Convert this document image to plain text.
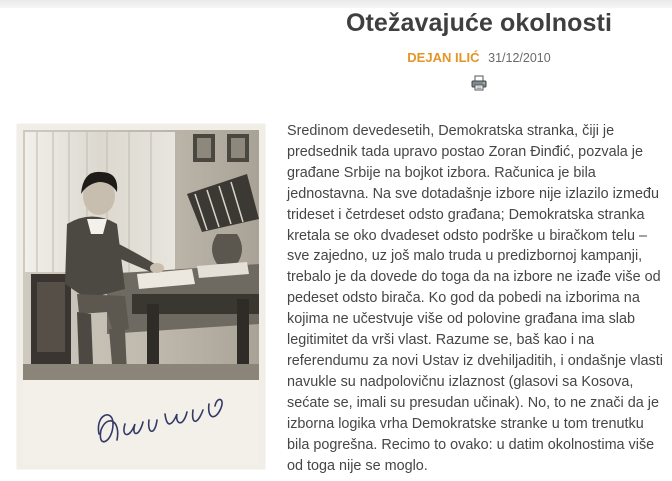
Otežavajuće okolnosti
DEJAN ILIĆ 31/12/2010

Sredinom devedesetih, Demokratska stranka, čiji je
predsednik tada upravo postao Zoran Đinđić, pozvala je
građane Srbije na bojkot izbora. Računica je bila
jednostavna. Na sve dotadašnje izbore nije izlazilo između
trideset i četrdeset odsto građana; Demokratska stranka
kretala se oko dvadeset odsto podrške u biračkom telu –
sve zajedno, uz još malo truda u predizbornoj kampanji,
trebalo je da dovede do toga da na izbore ne izađe više od
pedeset odsto birača. Ko god da pobedi na izborima na
kojima ne učestvuje više od polovine građana ima slab
legitimitet da vrši vlast. Razume se, baš kao i na
referendumu za novi Ustav iz dvehiljaditih, i ondašnje vlasti
navukle su nadpolovičnu izlaznost (glasovi sa Kosova,
sećate se, imali su presudan učinak). No, to ne znači da je
izborna logika vrha Demokratske stranke u tom trenutku
bila pogrešna. Recimo to ovako: u datim okolnostima više
od toga nije se moglo.
